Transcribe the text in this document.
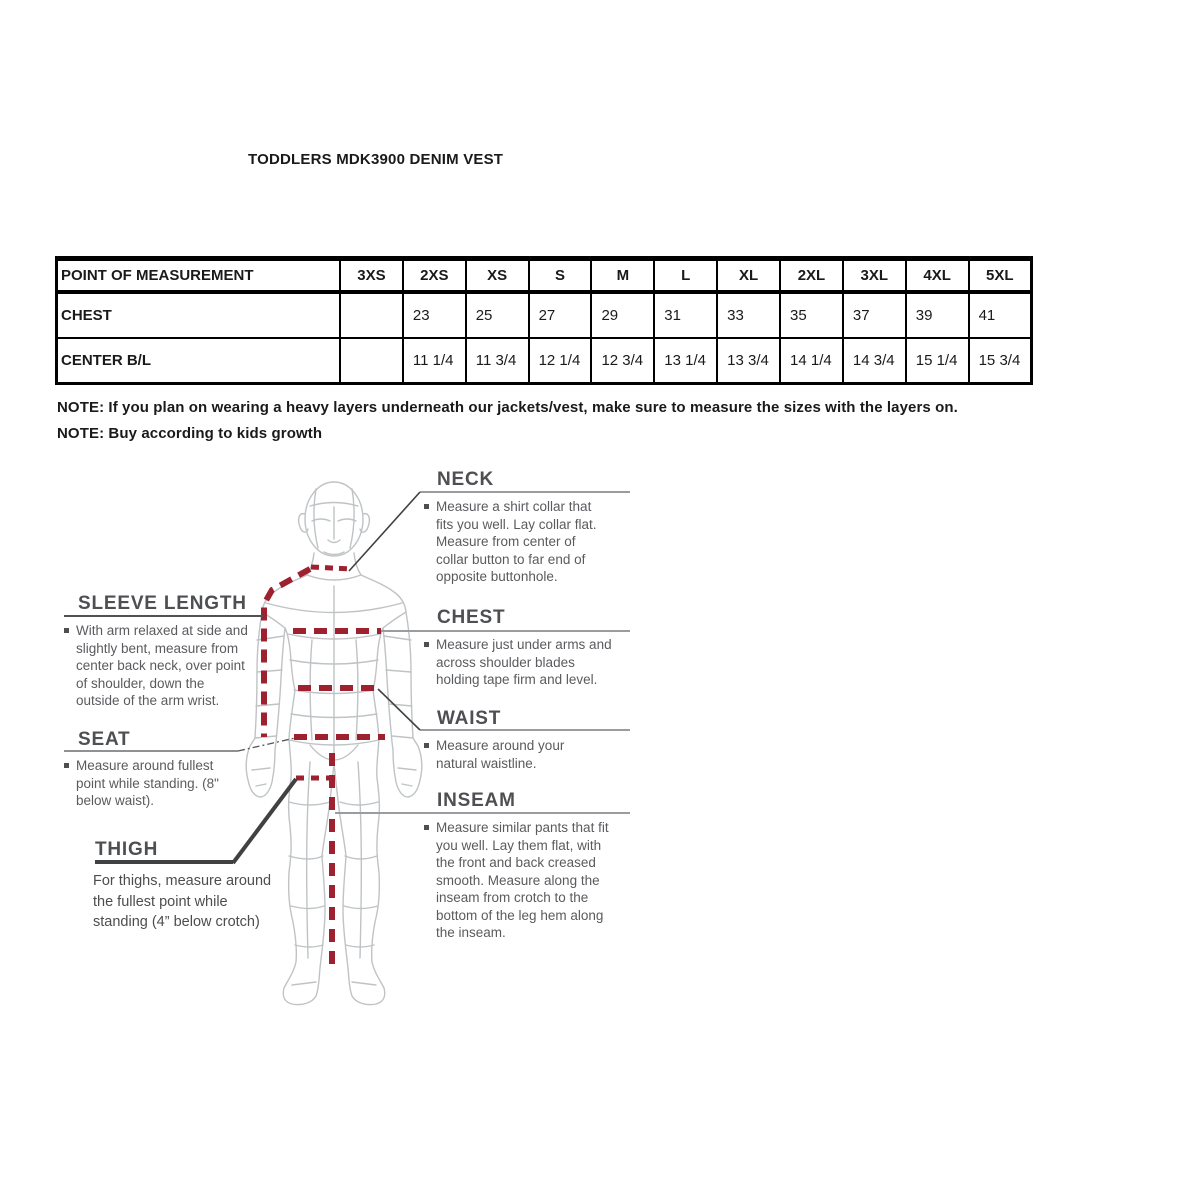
TODDLERS MDK3900 DENIM VEST
POINT OF MEASUREMENT	3XS	2XS	XS	S	M	L	XL	2XL	3XL	4XL	5XL
CHEST		23	25	27	29	31	33	35	37	39	41
CENTER B/L		11 1/4	11 3/4	12 1/4	12 3/4	13 1/4	13 3/4	14 1/4	14 3/4	15 1/4	15 3/4
NOTE: If you plan on wearing a heavy layers underneath our jackets/vest, make sure to measure the sizes with the layers on.
NOTE: Buy according to kids growth
NECK

Measure a shirt collar that fits you well. Lay collar flat. Measure from center of collar button to far end of opposite buttonhole.

CHEST

Measure just under arms and across shoulder blades holding tape firm and level.

WAIST

Measure around your natural waistline.

INSEAM

Measure similar pants that fit you well. Lay them flat, with the front and back creased smooth. Measure along the inseam from crotch to the bottom of the leg hem along the inseam.

SLEEVE LENGTH

With arm relaxed at side and slightly bent, measure from center back neck, over point of shoulder, down the outside of the arm wrist.

SEAT

Measure around fullest point while standing. (8" below waist).

THIGH
For thighs, measure around the fullest point while standing (4” below crotch)
